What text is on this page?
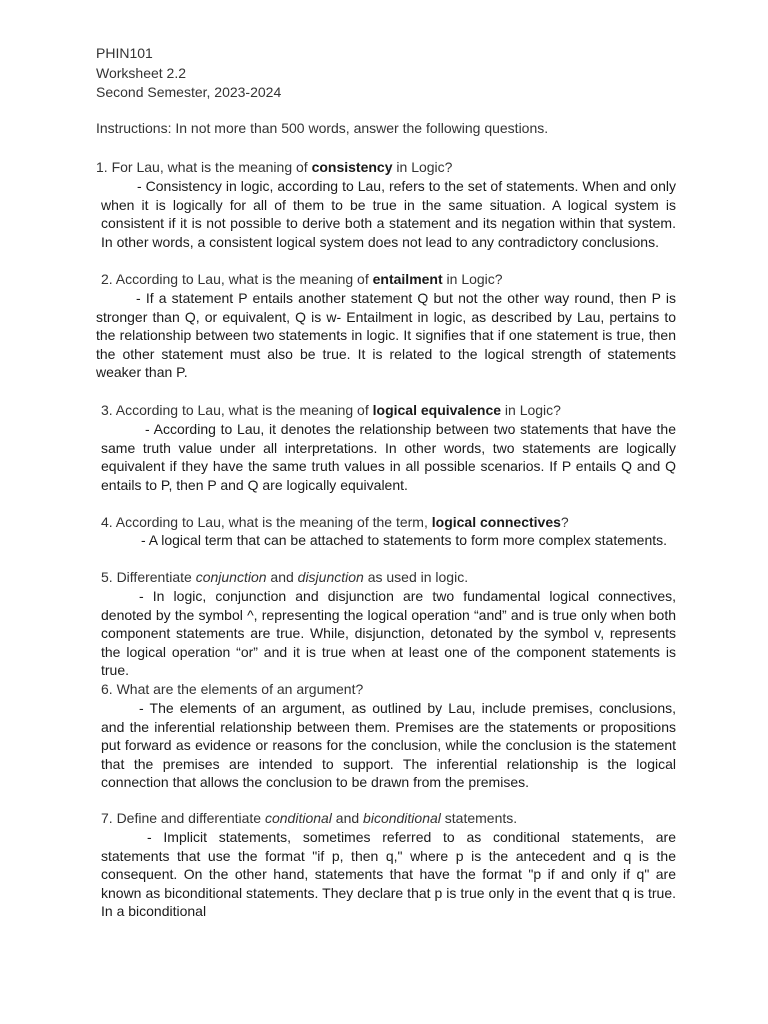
PHIN101
Worksheet 2.2
Second Semester, 2023-2024
Instructions: In not more than 500 words, answer the following questions.
1. For Lau, what is the meaning of consistency in Logic?
- Consistency in logic, according to Lau, refers to the set of statements. When and only when it is logically for all of them to be true in the same situation. A logical system is consistent if it is not possible to derive both a statement and its negation within that system. In other words, a consistent logical system does not lead to any contradictory conclusions.
2. According to Lau, what is the meaning of entailment in Logic?
- If a statement P entails another statement Q but not the other way round, then P is stronger than Q, or equivalent, Q is w- Entailment in logic, as described by Lau, pertains to the relationship between two statements in logic. It signifies that if one statement is true, then the other statement must also be true. It is related to the logical strength of statements weaker than P.
3. According to Lau, what is the meaning of logical equivalence in Logic?
- According to Lau, it denotes the relationship between two statements that have the same truth value under all interpretations. In other words, two statements are logically equivalent if they have the same truth values in all possible scenarios. If P entails Q and Q entails to P, then P and Q are logically equivalent.
4. According to Lau, what is the meaning of the term, logical connectives?
- A logical term that can be attached to statements to form more complex statements.
5. Differentiate conjunction and disjunction as used in logic.
- In logic, conjunction and disjunction are two fundamental logical connectives, denoted by the symbol ^, representing the logical operation “and” and is true only when both component statements are true. While, disjunction, detonated by the symbol v, represents the logical operation “or” and it is true when at least one of the component statements is true.
6. What are the elements of an argument?
- The elements of an argument, as outlined by Lau, include premises, conclusions, and the inferential relationship between them. Premises are the statements or propositions put forward as evidence or reasons for the conclusion, while the conclusion is the statement that the premises are intended to support. The inferential relationship is the logical connection that allows the conclusion to be drawn from the premises.
7. Define and differentiate conditional and biconditional statements.
- Implicit statements, sometimes referred to as conditional statements, are statements that use the format "if p, then q," where p is the antecedent and q is the consequent. On the other hand, statements that have the format "p if and only if q" are known as biconditional statements. They declare that p is true only in the event that q is true. In a biconditional
